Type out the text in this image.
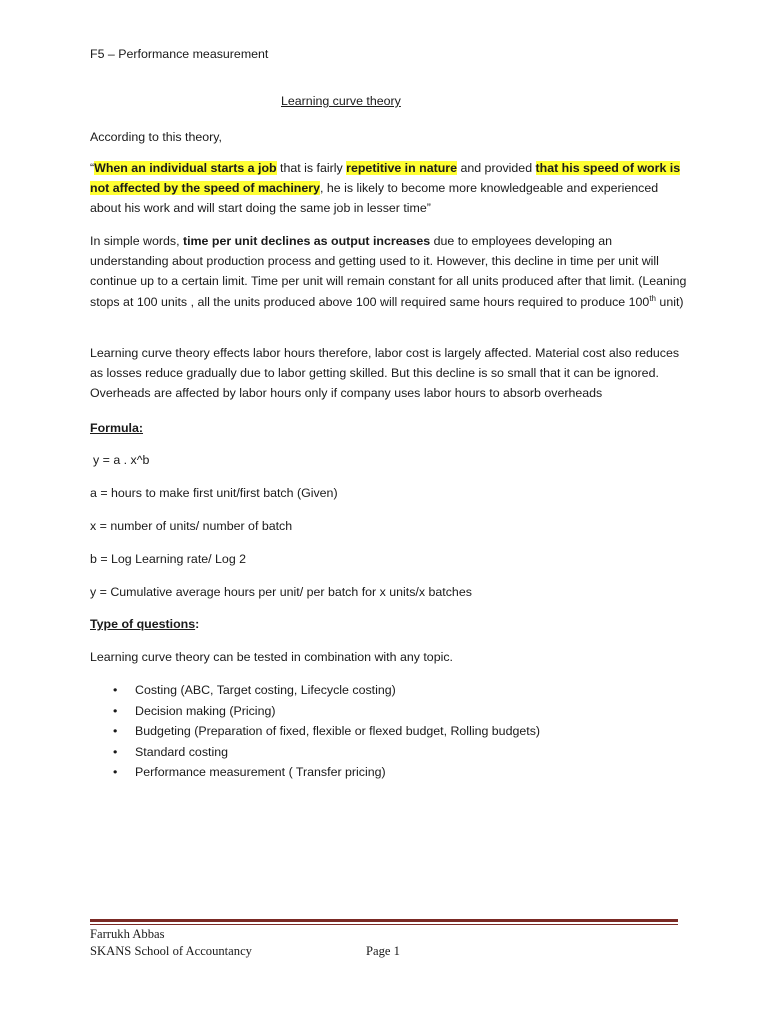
F5 – Performance measurement
Learning curve theory

According to this theory,

“When an individual starts a job that is fairly repetitive in nature and provided that his speed of work is not affected by the speed of machinery, he is likely to become more knowledgeable and experienced about his work and will start doing the same job in lesser time”

In simple words, time per unit declines as output increases due to employees developing an understanding about production process and getting used to it. However, this decline in time per unit will continue up to a certain limit. Time per unit will remain constant for all units produced after that limit. (Leaning stops at 100 units , all the units produced above 100 will required same hours required to produce 100th unit)

Learning curve theory effects labor hours therefore, labor cost is largely affected. Material cost also reduces as losses reduce gradually due to labor getting skilled. But this decline is so small that it can be ignored. Overheads are affected by labor hours only if company uses labor hours to absorb overheads

Formula:

y = a . x^b

a = hours to make first unit/first batch (Given)

x = number of units/ number of batch

b = Log Learning rate/ Log 2

y = Cumulative average hours per unit/ per batch for x units/x batches

Type of questions:

Learning curve theory can be tested in combination with any topic.

• Costing (ABC, Target costing, Lifecycle costing)
• Decision making (Pricing)
• Budgeting (Preparation of fixed, flexible or flexed budget, Rolling budgets)
• Standard costing
• Performance measurement ( Transfer pricing)
Farrukh Abbas
SKANS School of Accountancy	Page 1
